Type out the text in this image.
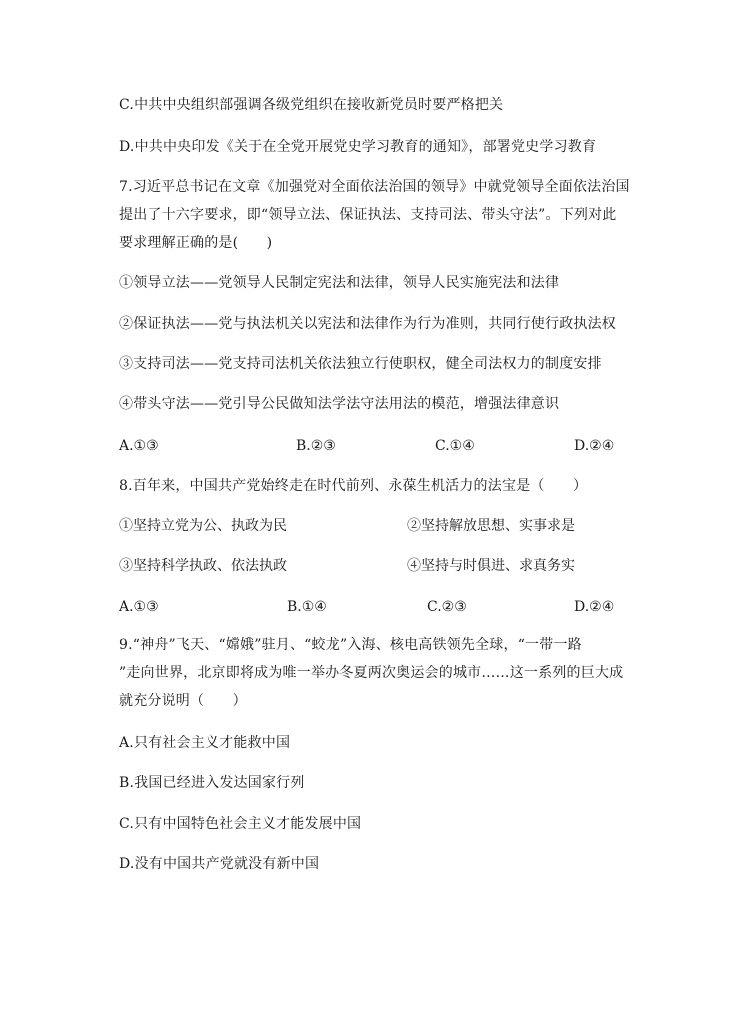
C.中共中央组织部强调各级党组织在接收新党员时要严格把关
D.中共中央印发《关于在全党开展党史学习教育的通知》，部署党史学习教育
7.习近平总书记在文章《加强党对全面依法治国的领导》中就党领导全面依法治国
提出了十六字要求，即“领导立法、保证执法、支持司法、带头守法”。下列对此
要求理解正确的是(　　)
①领导立法——党领导人民制定宪法和法律，领导人民实施宪法和法律
②保证执法——党与执法机关以宪法和法律作为行为准则，共同行使行政执法权
③支持司法——党支持司法机关依法独立行使职权，健全司法权力的制度安排
④带头守法——党引导公民做知法学法守法用法的模范，增强法律意识
A.①③	B.②③	C.①④	D.②④
8.百年来，中国共产党始终走在时代前列、永葆生机活力的法宝是（　　）
①坚持立党为公、执政为民	②坚持解放思想、实事求是
③坚持科学执政、依法执政	④坚持与时俱进、求真务实
A.①③	B.①④	C.②③	D.②④
9.“神舟”飞天、“嫦娥”驻月、“蛟龙”入海、核电高铁领先全球，“一带一路
”走向世界，北京即将成为唯一举办冬夏两次奥运会的城市……这一系列的巨大成
就充分说明（　　）
A.只有社会主义才能救中国
B.我国已经进入发达国家行列
C.只有中国特色社会主义才能发展中国
D.没有中国共产党就没有新中国
